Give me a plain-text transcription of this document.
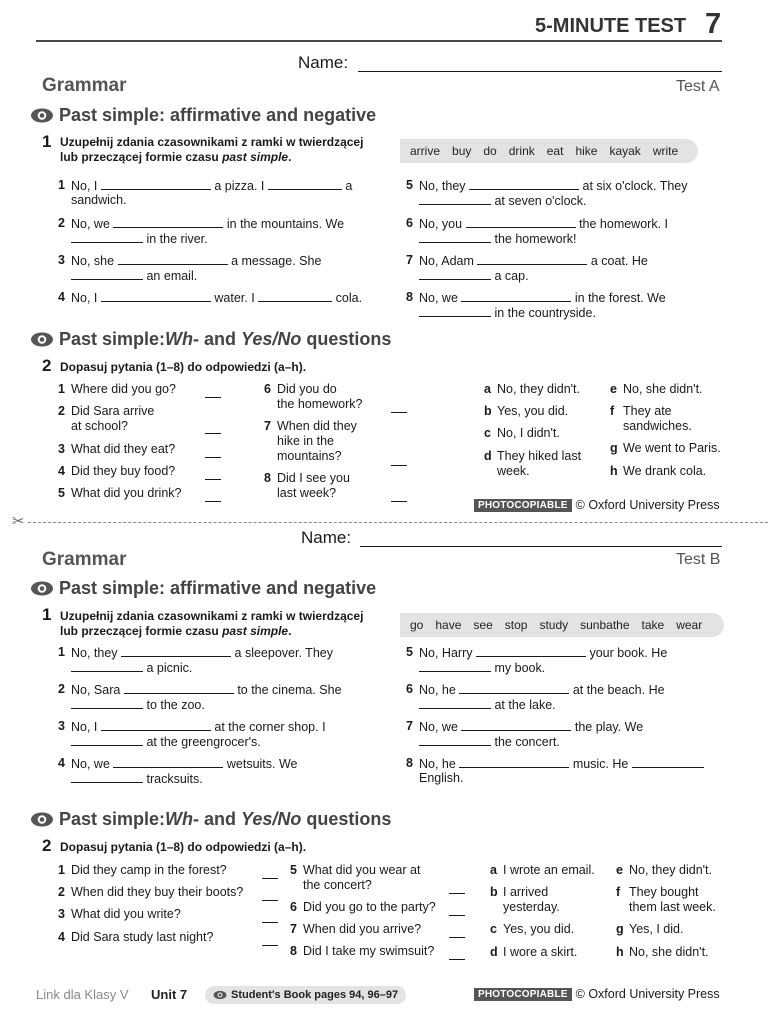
5-MINUTE TEST 7
Name:
Grammar	Test A
Past simple: affirmative and negative
1 Uzupełnij zdania czasownikami z ramki w twierdzącej
lub przeczącej formie czasu past simple.	arrive buy do drink eat hike kayak write
1 No, I	a pizza. I	a
sandwich.
2 No, we	in the mountains. We
in the river.
3 No, she	a message. She
an email.
4 No, I	water. I	cola.
5 No, they	at six o'clock. They
at seven o'clock.
6 No, you	the homework. I
the homework!
7 No, Adam	a coat. He
a cap.
8 No, we	in the forest. We
in the countryside.
Past simple: Wh - and Yes/No questions
2 Dopasuj pytania (1–8) do odpowiedzi (a–h).
1 Where did you go?
2 Did Sara arrive
at school?
3 What did they eat?
4 Did they buy food?
5 What did you drink?
6 Did you do
the homework?
7 When did they
hike in the
mountains?
8 Did I see you
last week?
a No, they didn't.
b Yes, you did.
c No, I didn't.
d They hiked last
week.
e No, she didn't.
f They ate
sandwiches.
g We went to Paris.
h We drank cola.
PHOTOCOPIABLE © Oxford University Press
✂
Name:
Grammar	Test B
Past simple: affirmative and negative
1 Uzupełnij zdania czasownikami z ramki w twierdzącej
lub przeczącej formie czasu past simple.	go have see stop study sunbathe take wear
1 No, they	a sleepover. They
a picnic.
2 No, Sara	to the cinema. She
to the zoo.
3 No, I	at the corner shop. I
at the greengrocer's.
4 No, we	wetsuits. We
tracksuits.
5 No, Harry	your book. He
my book.
6 No, he	at the beach. He
at the lake.
7 No, we	the play. We
the concert.
8 No, he	music. He
English.
Past simple: Wh - and Yes/No questions
2 Dopasuj pytania (1–8) do odpowiedzi (a–h).
1 Did they camp in the forest?
2 When did they buy their boots?
3 What did you write?
4 Did Sara study last night?
5 What did you wear at
the concert?
6 Did you go to the party?
7 When did you arrive?
8 Did I take my swimsuit?
a I wrote an email.
b I arrived
yesterday.
c Yes, you did.
d I wore a skirt.
e No, they didn't.
f They bought
them last week.
g Yes, I did.
h No, she didn't.
Link dla Klasy V Unit 7	Student's Book pages 94, 96–97	PHOTOCOPIABLE © Oxford University Press
